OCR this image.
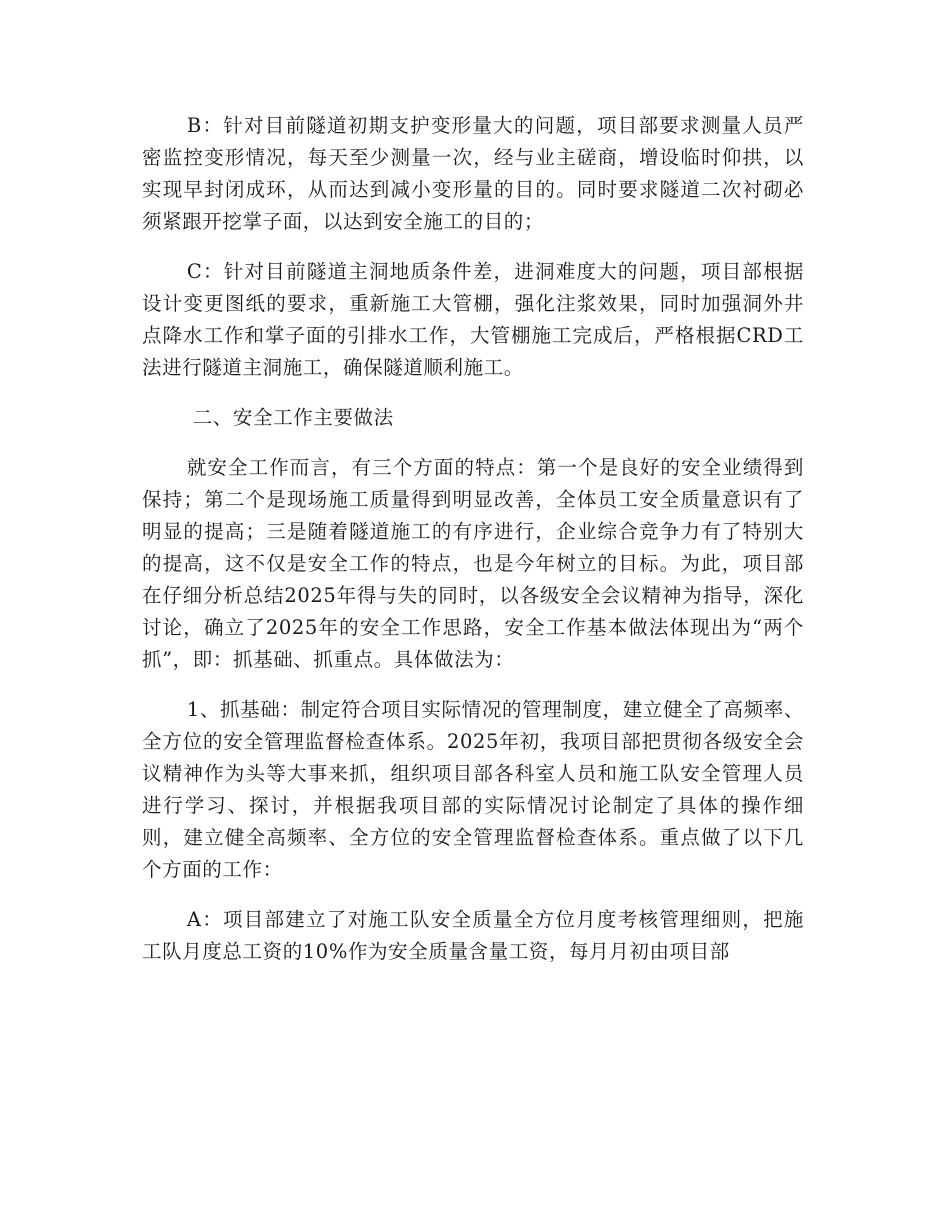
B：针对目前隧道初期支护变形量大的问题，项目部要求测量人员严密监控变形情况，每天至少测量一次，经与业主磋商，增设临时仰拱，以实现早封闭成环，从而达到减小变形量的目的。同时要求隧道二次衬砌必须紧跟开挖掌子面，以达到安全施工的目的；

C：针对目前隧道主洞地质条件差，进洞难度大的问题，项目部根据设计变更图纸的要求，重新施工大管棚，强化注浆效果，同时加强洞外井点降水工作和掌子面的引排水工作，大管棚施工完成后，严格根据CRD工法进行隧道主洞施工，确保隧道顺利施工。

二、安全工作主要做法

就安全工作而言，有三个方面的特点：第一个是良好的安全业绩得到保持；第二个是现场施工质量得到明显改善，全体员工安全质量意识有了明显的提高；三是随着隧道施工的有序进行，企业综合竞争力有了特别大的提高，这不仅是安全工作的特点，也是今年树立的目标。为此，项目部在仔细分析总结2025年得与失的同时，以各级安全会议精神为指导，深化讨论，确立了2025年的安全工作思路，安全工作基本做法体现出为“两个抓”，即：抓基础、抓重点。具体做法为：

1、抓基础：制定符合项目实际情况的管理制度，建立健全了高频率、全方位的安全管理监督检查体系。2025年初，我项目部把贯彻各级安全会议精神作为头等大事来抓，组织项目部各科室人员和施工队安全管理人员进行学习、探讨，并根据我项目部的实际情况讨论制定了具体的操作细则，建立健全高频率、全方位的安全管理监督检查体系。重点做了以下几个方面的工作：

A：项目部建立了对施工队安全质量全方位月度考核管理细则，把施工队月度总工资的10%作为安全质量含量工资，每月月初由项目部
